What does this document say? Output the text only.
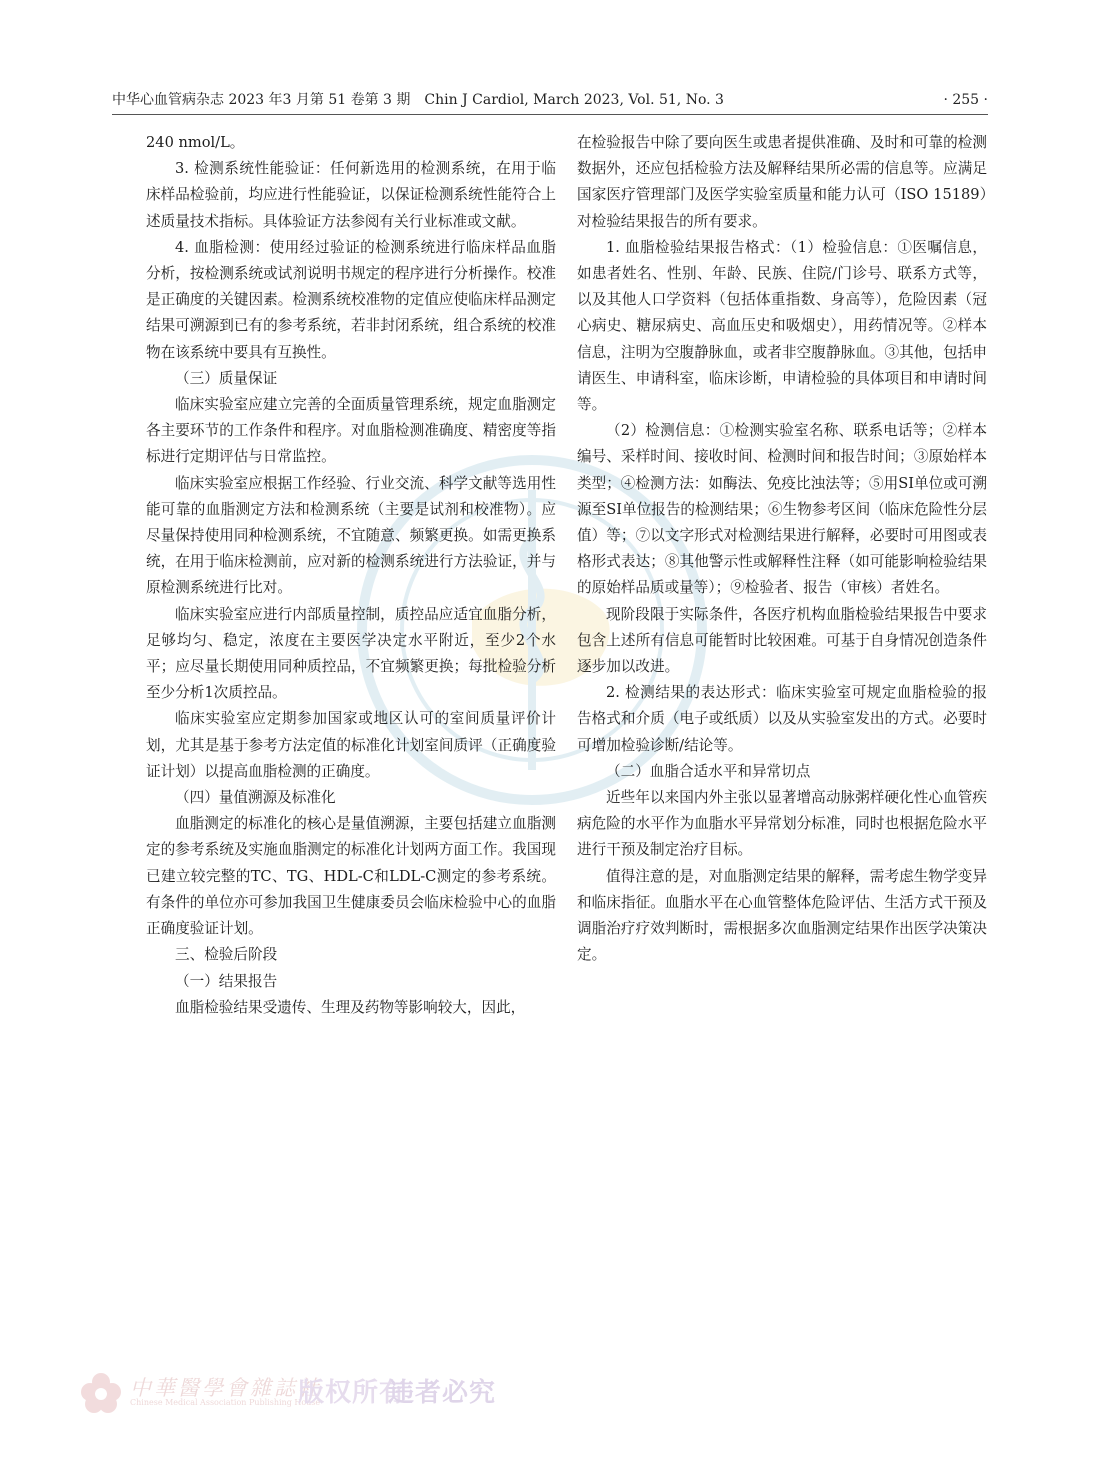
中华心血管病杂志 2023 年3 月第 51 卷第 3 期　Chin J Cardiol, March 2023, Vol. 51, No. 3	· 255 ·

240 nmol/L。

3. 检测系统性能验证：任何新选用的检测系统，在用于临床样品检验前，均应进行性能验证，以保证检测系统性能符合上述质量技术指标。具体验证方法参阅有关行业标准或文献。

4. 血脂检测：使用经过验证的检测系统进行临床样品血脂分析，按检测系统或试剂说明书规定的程序进行分析操作。校准是正确度的关键因素。检测系统校准物的定值应使临床样品测定结果可溯源到已有的参考系统，若非封闭系统，组合系统的校准物在该系统中要具有互换性。

（三）质量保证

临床实验室应建立完善的全面质量管理系统，规定血脂测定各主要环节的工作条件和程序。对血脂检测准确度、精密度等指标进行定期评估与日常监控。

临床实验室应根据工作经验、行业交流、科学文献等选用性能可靠的血脂测定方法和检测系统（主要是试剂和校准物）。应尽量保持使用同种检测系统，不宜随意、频繁更换。如需更换系统，在用于临床检测前，应对新的检测系统进行方法验证，并与原检测系统进行比对。

临床实验室应进行内部质量控制，质控品应适宜血脂分析，足够均匀、稳定，浓度在主要医学决定水平附近，至少2个水平；应尽量长期使用同种质控品，不宜频繁更换；每批检验分析至少分析1次质控品。

临床实验室应定期参加国家或地区认可的室间质量评价计划，尤其是基于参考方法定值的标准化计划室间质评（正确度验证计划）以提高血脂检测的正确度。

（四）量值溯源及标准化

血脂测定的标准化的核心是量值溯源，主要包括建立血脂测定的参考系统及实施血脂测定的标准化计划两方面工作。我国现已建立较完整的TC、TG、HDL-C和LDL-C测定的参考系统。有条件的单位亦可参加我国卫生健康委员会临床检验中心的血脂正确度验证计划。

三、检验后阶段

（一）结果报告

血脂检验结果受遗传、生理及药物等影响较大，因此，

在检验报告中除了要向医生或患者提供准确、及时和可靠的检测数据外，还应包括检验方法及解释结果所必需的信息等。应满足国家医疗管理部门及医学实验室质量和能力认可（ISO 15189）对检验结果报告的所有要求。

1. 血脂检验结果报告格式：（1）检验信息：①医嘱信息，如患者姓名、性别、年龄、民族、住院/门诊号、联系方式等，以及其他人口学资料（包括体重指数、身高等），危险因素（冠心病史、糖尿病史、高血压史和吸烟史），用药情况等。②样本信息，注明为空腹静脉血，或者非空腹静脉血。③其他，包括申请医生、申请科室，临床诊断，申请检验的具体项目和申请时间等。

（2）检测信息：①检测实验室名称、联系电话等；②样本编号、采样时间、接收时间、检测时间和报告时间；③原始样本类型；④检测方法：如酶法、免疫比浊法等；⑤用SI单位或可溯源至SI单位报告的检测结果；⑥生物参考区间（临床危险性分层值）等；⑦以文字形式对检测结果进行解释，必要时可用图或表格形式表达；⑧其他警示性或解释性注释（如可能影响检验结果的原始样品质或量等）；⑨检验者、报告（审核）者姓名。

现阶段限于实际条件，各医疗机构血脂检验结果报告中要求包含上述所有信息可能暂时比较困难。可基于自身情况创造条件逐步加以改进。

2. 检测结果的表达形式：临床实验室可规定血脂检验的报告格式和介质（电子或纸质）以及从实验室发出的方式。必要时可增加检验诊断/结论等。

（二）血脂合适水平和异常切点

近些年以来国内外主张以显著增高动脉粥样硬化性心血管疾病危险的水平作为血脂水平异常划分标准，同时也根据危险水平进行干预及制定治疗目标。

值得注意的是，对血脂测定结果的解释，需考虑生物学变异和临床指征。血脂水平在心血管整体危险评估、生活方式干预及调脂治疗疗效判断时，需根据多次血脂测定结果作出医学决策决定。

中華醫學會雜誌社
Chinese Medical Association Publishing House
版权所有
违者必究
